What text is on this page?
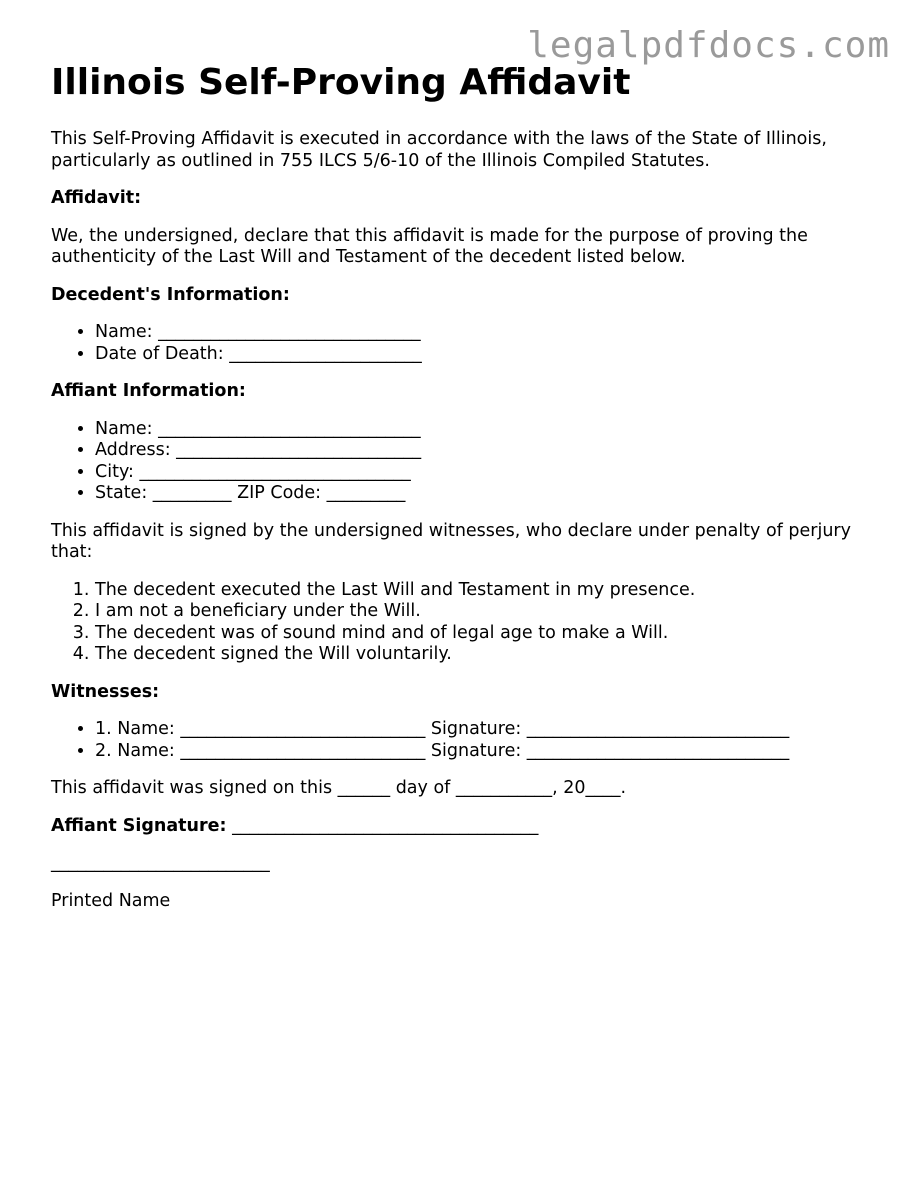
legalpdfdocs.com
Illinois Self-Proving Affidavit

This Self-Proving Affidavit is executed in accordance with the laws of the State of Illinois, particularly as outlined in 755 ILCS 5/6-10 of the Illinois Compiled Statutes.

Affidavit:

We, the undersigned, declare that this affidavit is made for the purpose of proving the authenticity of the Last Will and Testament of the decedent listed below.

Decedent's Information:

• Name: ______________________________
• Date of Death: ______________________

Affiant Information:

• Name: ______________________________
• Address: ____________________________
• City: _______________________________
• State: _________ ZIP Code: _________

This affidavit is signed by the undersigned witnesses, who declare under penalty of perjury that:

1. The decedent executed the Last Will and Testament in my presence.
2. I am not a beneficiary under the Will.
3. The decedent was of sound mind and of legal age to make a Will.
4. The decedent signed the Will voluntarily.

Witnesses:

• 1. Name: ____________________________ Signature: ______________________________
• 2. Name: ____________________________ Signature: ______________________________

This affidavit was signed on this ______ day of ___________, 20____.

Affiant Signature: ___________________________________

_________________________

Printed Name
